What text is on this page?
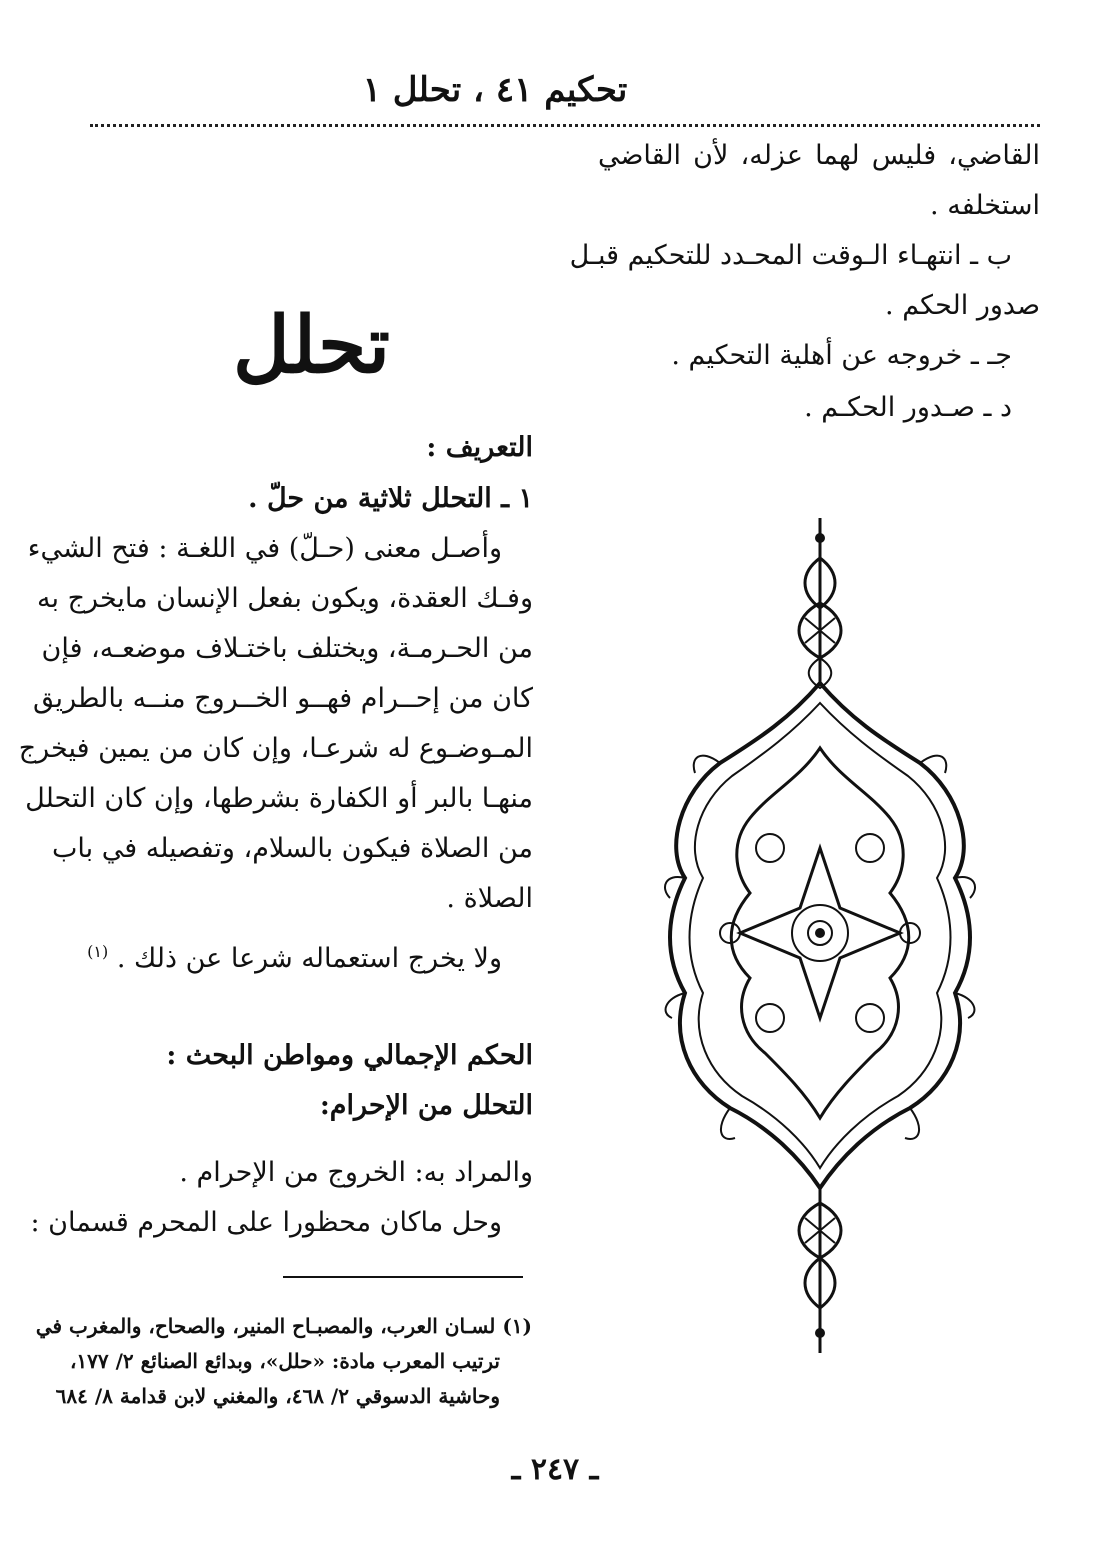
تحكيم ٤١ ، تحلل ١
القاضي، فليس لهما عزله، لأن القاضي
استخلفه .
ب ـ انتهـاء الـوقت المحـدد للتحكيم قبـل
صدور الحكم .
جـ ـ خروجه عن أهلية التحكيم .
د ـ صـدور الحكـم .
تحلل
التعريف :
١ ـ التحلل ثلاثية من حلّ .
وأصـل معنى (حـلّ) في اللغـة : فتح الشيء
وفـك العقدة، ويكون بفعل الإنسان مايخرج به
من الحـرمـة، ويختلف باختـلاف موضعـه، فإن
كان من إحــرام فهــو الخــروج منــه بالطريق
المـوضـوع له شرعـا، وإن كان من يمين فيخرج
منهـا بالبر أو الكفارة بشرطها، وإن كان التحلل
من الصلاة فيكون بالسلام، وتفصيله في باب
الصلاة .
ولا يخرج استعماله شرعا عن ذلك . $^{(١)}$
الحكم الإجمالي ومواطن البحث :
التحلل من الإحرام:
والمراد به: الخروج من الإحرام .
وحل ماكان محظورا على المحرم قسمان :
(١) لسـان العرب، والمصبـاح المنير، والصحاح، والمغرب في
ترتيب المعرب مادة: «حلل»، وبدائع الصنائع ٢/ ١٧٧،
وحاشية الدسوقي ٢/ ٤٦٨، والمغني لابن قدامة ٨/ ٦٨٤
ـ ٢٤٧ ـ
